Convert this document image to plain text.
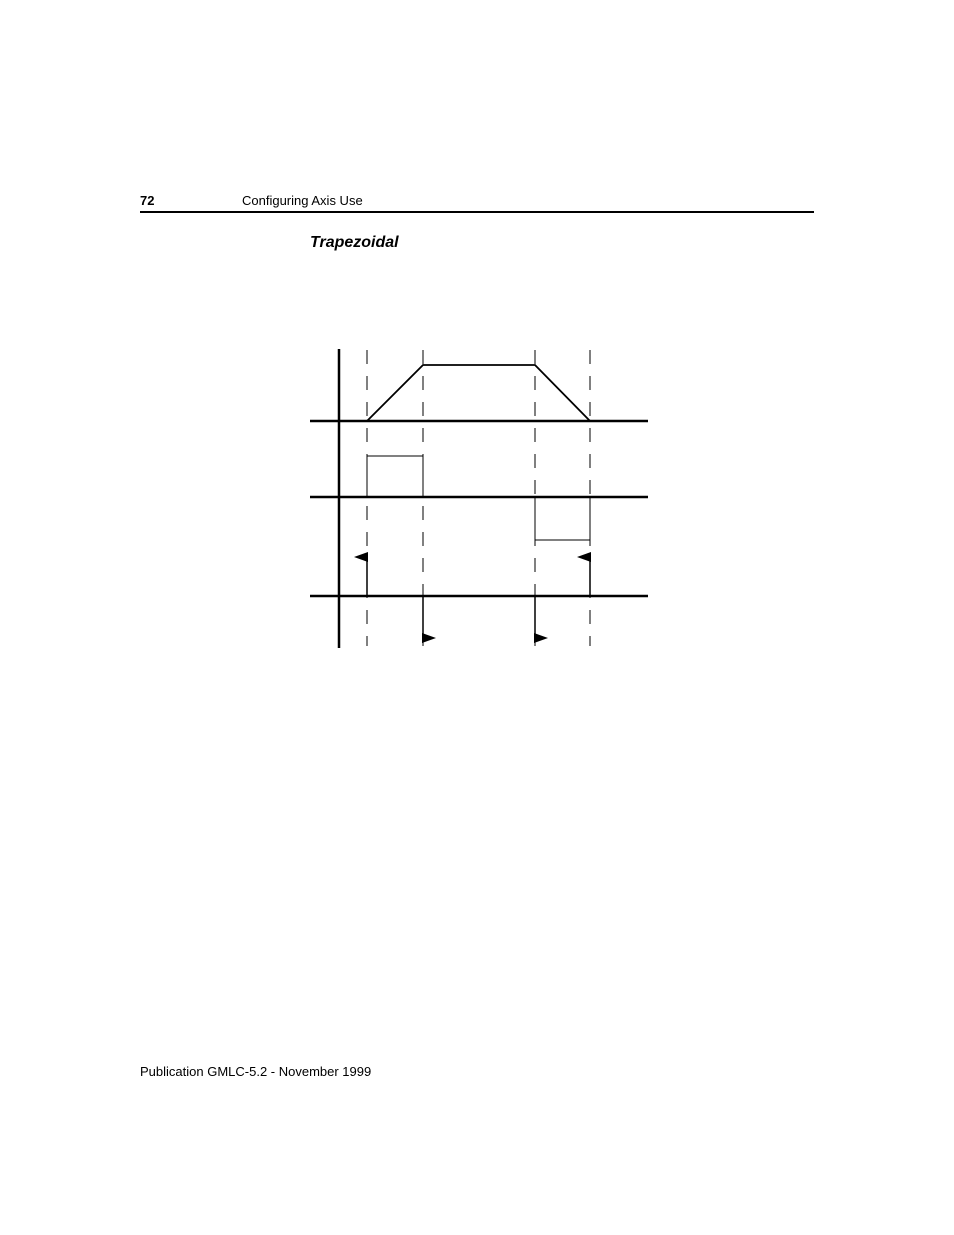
72	Configuring Axis Use
Trapezoidal
Publication GMLC-5.2 - November 1999
